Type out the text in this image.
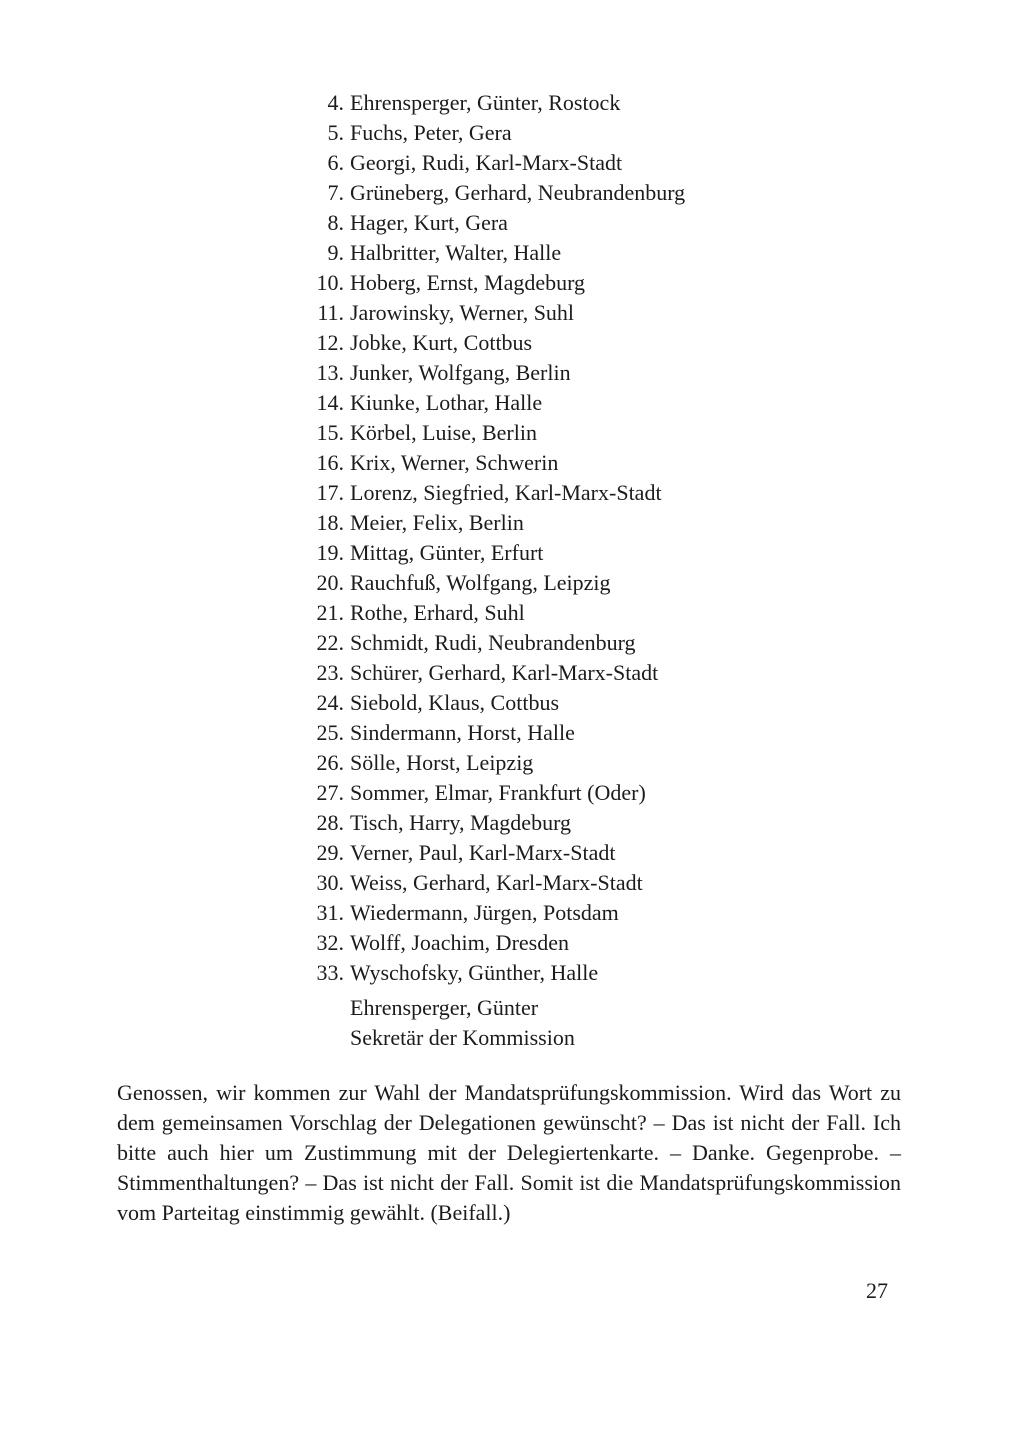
4. Ehrensperger, Günter, Rostock
5. Fuchs, Peter, Gera
6. Georgi, Rudi, Karl-Marx-Stadt
7. Grüneberg, Gerhard, Neubrandenburg
8. Hager, Kurt, Gera
9. Halbritter, Walter, Halle
10. Hoberg, Ernst, Magdeburg
11. Jarowinsky, Werner, Suhl
12. Jobke, Kurt, Cottbus
13. Junker, Wolfgang, Berlin
14. Kiunke, Lothar, Halle
15. Körbel, Luise, Berlin
16. Krix, Werner, Schwerin
17. Lorenz, Siegfried, Karl-Marx-Stadt
18. Meier, Felix, Berlin
19. Mittag, Günter, Erfurt
20. Rauchfuß, Wolfgang, Leipzig
21. Rothe, Erhard, Suhl
22. Schmidt, Rudi, Neubrandenburg
23. Schürer, Gerhard, Karl-Marx-Stadt
24. Siebold, Klaus, Cottbus
25. Sindermann, Horst, Halle
26. Sölle, Horst, Leipzig
27. Sommer, Elmar, Frankfurt (Oder)
28. Tisch, Harry, Magdeburg
29. Verner, Paul, Karl-Marx-Stadt
30. Weiss, Gerhard, Karl-Marx-Stadt
31. Wiedermann, Jürgen, Potsdam
32. Wolff, Joachim, Dresden
33. Wyschofsky, Günther, Halle
Ehrensperger, Günter
Sekretär der Kommission

Genossen, wir kommen zur Wahl der Mandatsprüfungskommission. Wird das Wort zu dem gemeinsamen Vorschlag der Delegationen gewünscht? – Das ist nicht der Fall. Ich bitte auch hier um Zustimmung mit der Delegiertenkarte. – Danke. Gegenprobe. – Stimmenthaltungen? – Das ist nicht der Fall. Somit ist die Mandatsprüfungskommission vom Parteitag einstimmig gewählt. (Beifall.)

27
